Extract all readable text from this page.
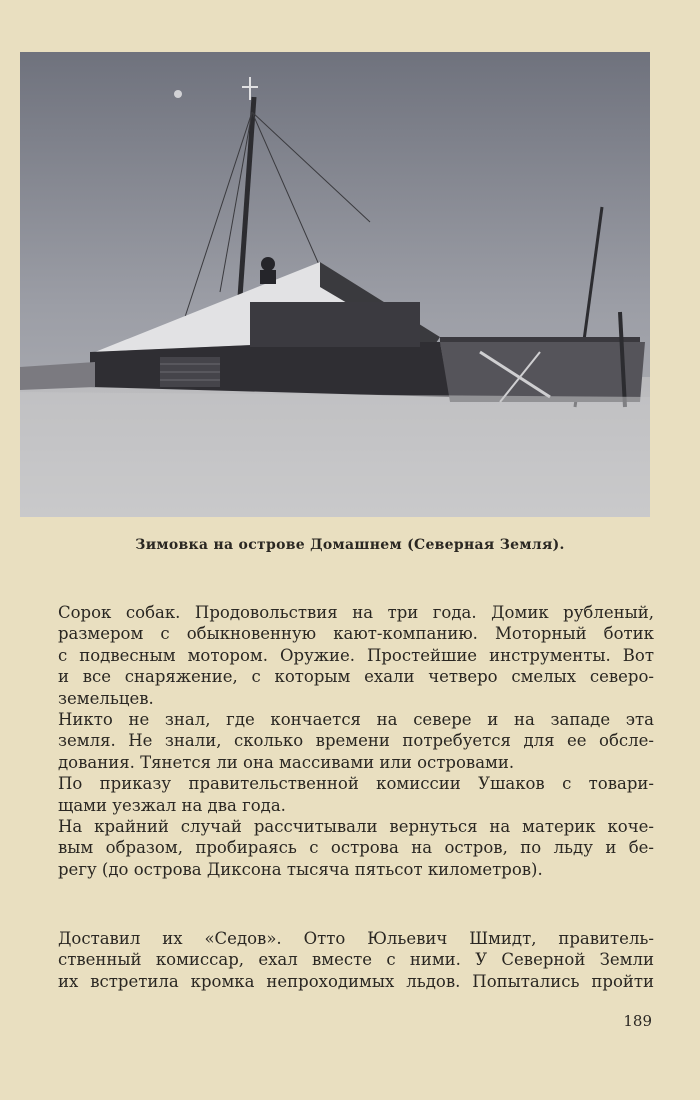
Зимовка на острове Домашнем (Северная Земля).
Сорок собак. Продовольствия на три года. Домик рубленый,
размером с обыкновенную кают-компанию. Моторный ботик
с подвесным мотором. Оружие. Простейшие инструменты. Вот
и все снаряжение, с которым ехали четверо смелых северо-
земельцев.
Никто не знал, где кончается на севере и на западе эта
земля. Не знали, сколько времени потребуется для ее обсле-
дования. Тянется ли она массивами или островами.
По приказу правительственной комиссии Ушаков с товари-
щами уезжал на два года.
На крайний случай рассчитывали вернуться на материк коче-
вым образом, пробираясь с острова на остров, по льду и бе-
регу (до острова Диксона тысяча пятьсот километров).
Доставил их «Седов». Отто Юльевич Шмидт, правитель-
ственный комиссар, ехал вместе с ними. У Северной Земли
их встретила кромка непроходимых льдов. Попытались пройти
189
